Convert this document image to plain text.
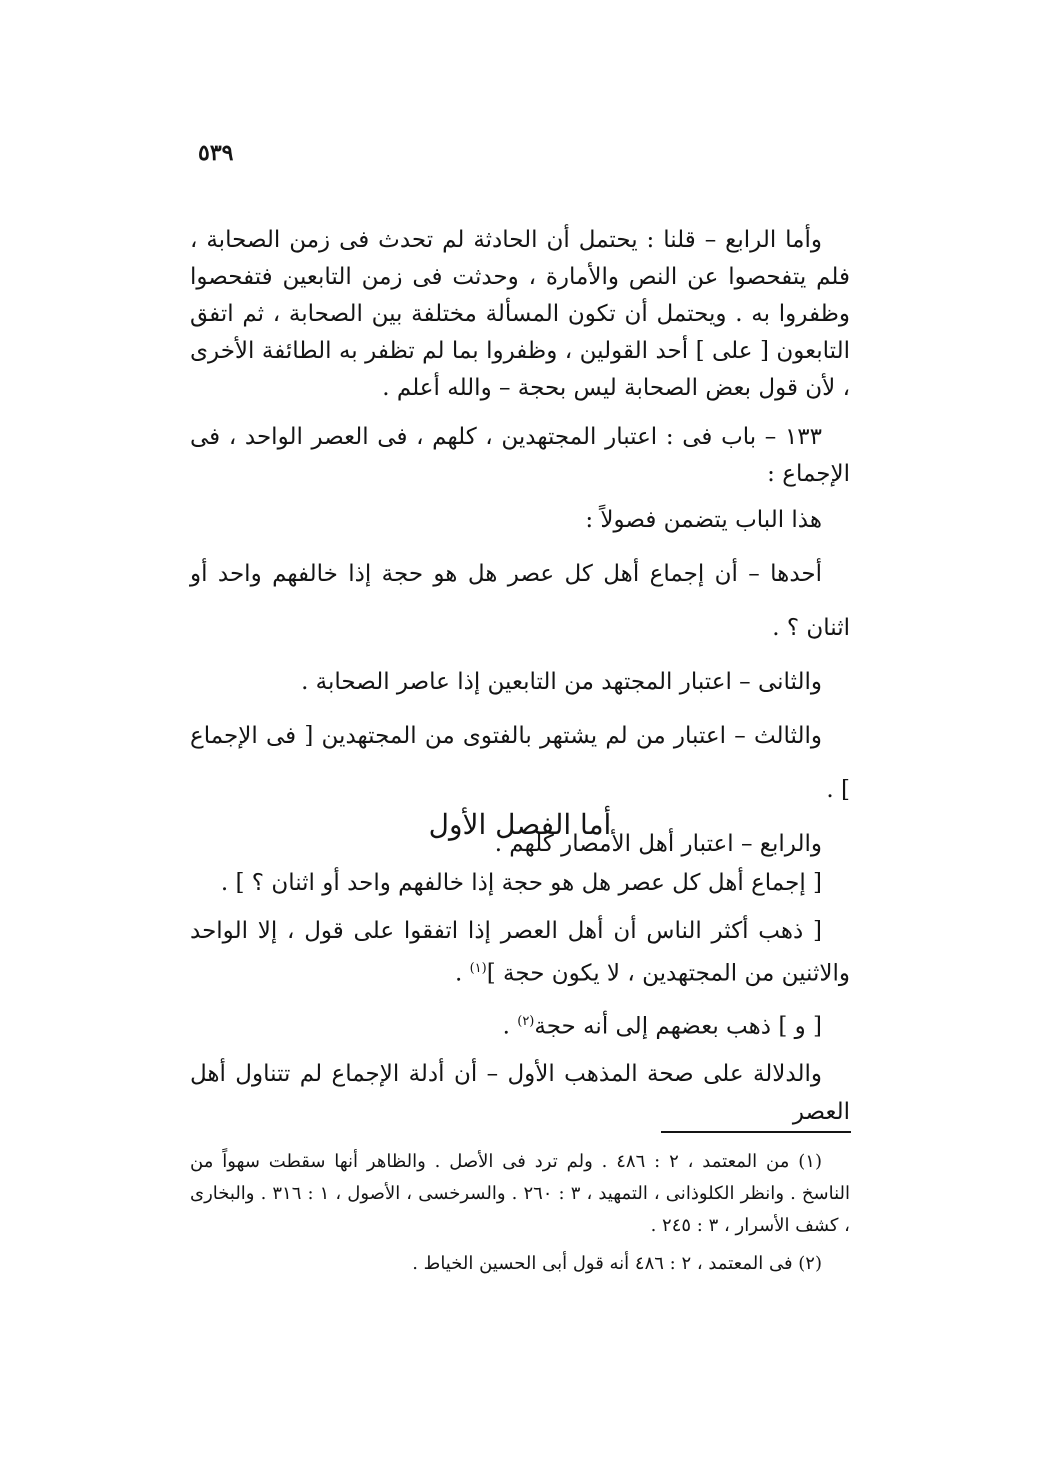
٥٣٩

وأما الرابع – قلنا : يحتمل أن الحادثة لم تحدث فى زمن الصحابة ، فلم يتفحصوا عن النص والأمارة ، وحدثت فى زمن التابعين فتفحصوا وظفروا به . ويحتمل أن تكون المسألة مختلفة بين الصحابة ، ثم اتفق التابعون [ على ] أحد القولين ، وظفروا بما لم تظفر به الطائفة الأخرى ، لأن قول بعض الصحابة ليس بحجة – والله أعلم .

١٣٣ – باب فى : اعتبار المجتهدين ، كلهم ، فى العصر الواحد ، فى الإجماع :

هذا الباب يتضمن فصولاً :

أحدها – أن إجماع أهل كل عصر هل هو حجة إذا خالفهم واحد أو اثنان ؟ .

والثانى – اعتبار المجتهد من التابعين إذا عاصر الصحابة .

والثالث – اعتبار من لم يشتهر بالفتوى من المجتهدين [ فى الإجماع ] .

والرابع – اعتبار أهل الأمصار كلهم .

أما الفصل الأول

[ إجماع أهل كل عصر هل هو حجة إذا خالفهم واحد أو اثنان ؟ ] .

[ ذهب أكثر الناس أن أهل العصر إذا اتفقوا على قول ، إلا الواحد والاثنين من المجتهدين ، لا يكون حجة ]$^{(١)}$ .

[ و ] ذهب بعضهم إلى أنه حجة$^{(٢)}$ .

والدلالة على صحة المذهب الأول – أن أدلة الإجماع لم تتناول أهل العصر

(١) من المعتمد ، ٢ : ٤٨٦ . ولم ترد فى الأصل . والظاهر أنها سقطت سهواً من الناسخ . وانظر الكلوذانى ، التمهيد ، ٣ : ٢٦٠ . والسرخسى ، الأصول ، ١ : ٣١٦ . والبخارى ، كشف الأسرار ، ٣ : ٢٤٥ .

(٢) فى المعتمد ، ٢ : ٤٨٦ أنه قول أبى الحسين الخياط .
